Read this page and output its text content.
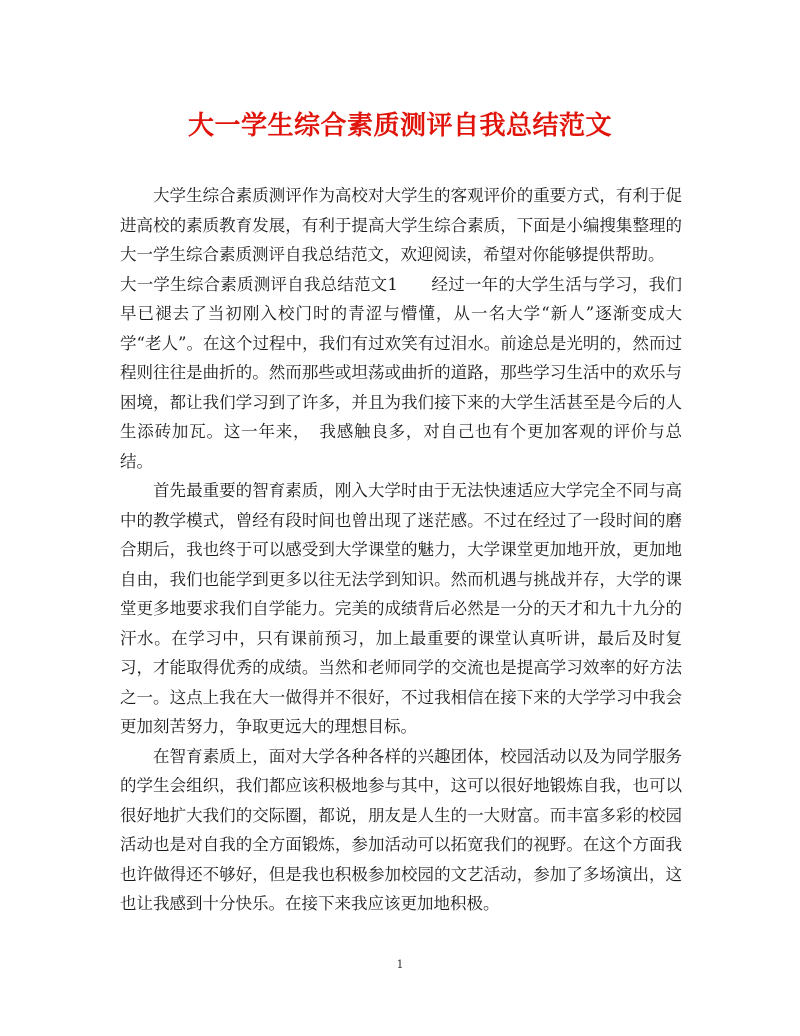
大一学生综合素质测评自我总结范文

大学生综合素质测评作为高校对大学生的客观评价的重要方式，有利于促进高校的素质教育发展，有利于提高大学生综合素质，下面是小编搜集整理的大一学生综合素质测评自我总结范文，欢迎阅读，希望对你能够提供帮助。

大一学生综合素质测评自我总结范文1　　经过一年的大学生活与学习，我们早已褪去了当初刚入校门时的青涩与懵懂，从一名大学“新人”逐渐变成大学“老人”。在这个过程中，我们有过欢笑有过泪水。前途总是光明的，然而过程则往往是曲折的。然而那些或坦荡或曲折的道路，那些学习生活中的欢乐与困境，都让我们学习到了许多，并且为我们接下来的大学生活甚至是今后的人生添砖加瓦。这一年来，　我感触良多，对自己也有个更加客观的评价与总结。

首先最重要的智育素质，刚入大学时由于无法快速适应大学完全不同与高中的教学模式，曾经有段时间也曾出现了迷茫感。不过在经过了一段时间的磨合期后，我也终于可以感受到大学课堂的魅力，大学课堂更加地开放，更加地自由，我们也能学到更多以往无法学到知识。然而机遇与挑战并存，大学的课堂更多地要求我们自学能力。完美的成绩背后必然是一分的天才和九十九分的汗水。在学习中，只有课前预习，加上最重要的课堂认真听讲，最后及时复习，才能取得优秀的成绩。当然和老师同学的交流也是提高学习效率的好方法之一。这点上我在大一做得并不很好，不过我相信在接下来的大学学习中我会更加刻苦努力，争取更远大的理想目标。

在智育素质上，面对大学各种各样的兴趣团体，校园活动以及为同学服务的学生会组织，我们都应该积极地参与其中，这可以很好地锻炼自我，也可以很好地扩大我们的交际圈，都说，朋友是人生的一大财富。而丰富多彩的校园活动也是对自我的全方面锻炼，参加活动可以拓宽我们的视野。在这个方面我也许做得还不够好，但是我也积极参加校园的文艺活动，参加了多场演出，这也让我感到十分快乐。在接下来我应该更加地积极。

1
